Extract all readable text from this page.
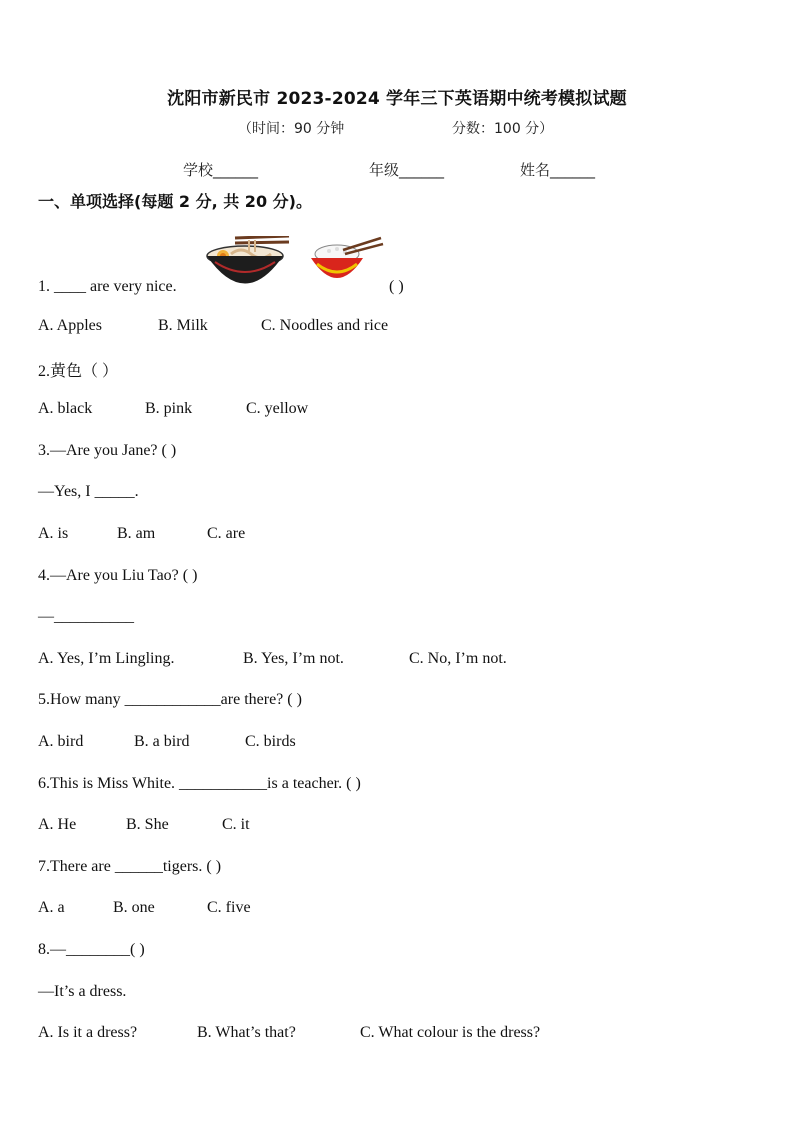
沈阳市新民市 2023-2024 学年三下英语期中统考模拟试题
（时间：90 分钟	分数：100 分）
学校______	年级______	姓名______
一、单项选择(每题 2 分, 共 20 分)。
1. ____ are very nice.	( )
A. Apples	B. Milk	C. Noodles and rice
2.黄色（ ）
A. black	B. pink	C. yellow
3.—Are you Jane? ( )
—Yes, I _____.
A. is	B. am	C. are
4.—Are you Liu Tao? ( )
—__________
A. Yes, I’m Lingling.	B. Yes, I’m not.	C. No, I’m not.
5.How many ____________are there? ( )
A. bird	B. a bird	C. birds
6.This is Miss White. ___________is a teacher. ( )
A. He	B. She	C. it
7.There are ______tigers. ( )
A. a	B. one	C. five
8.—________( )
—It’s a dress.
A. Is it a dress?	B. What’s that?	C. What colour is the dress?
